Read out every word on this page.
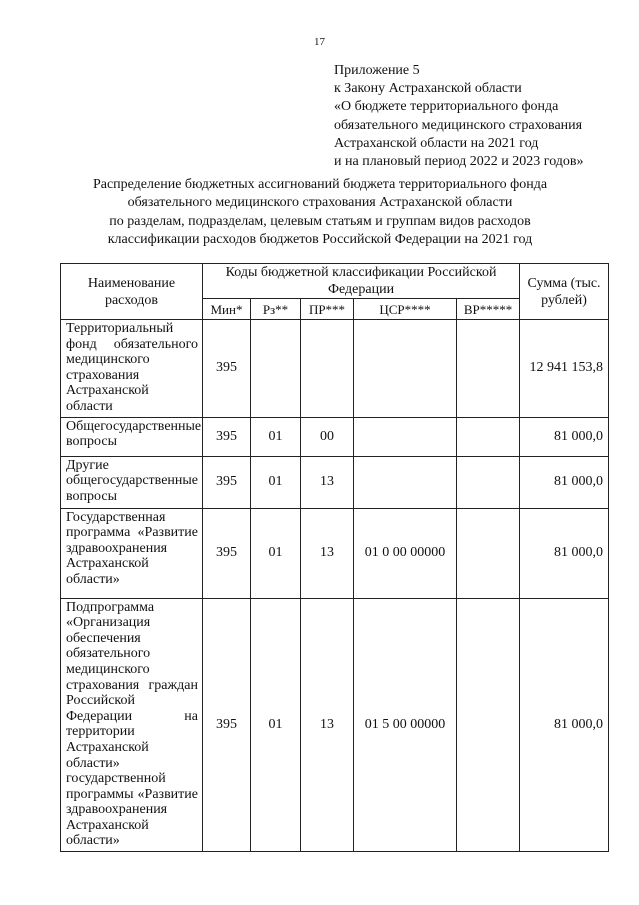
17
Приложение 5
к Закону Астраханской области
«О бюджете территориального фонда
обязательного медицинского страхования
Астраханской области на 2021 год
и на плановый период 2022 и 2023 годов»
Распределение бюджетных ассигнований бюджета территориального фонда
обязательного медицинского страхования Астраханской области
по разделам, подразделам, целевым статьям и группам видов расходов
классификации расходов бюджетов Российской Федерации на 2021 год
Наименование расходов	Коды бюджетной классификации Российской Федерации					Сумма (тыс. рублей)
	Мин*	Рз**	ПР***	ЦСР****	ВР*****	
Территориальный фонд обязательного медицинского страхования Астраханской области	395					12 941 153,8
Общегосударственные вопросы	395	01	00			81 000,0
Другие общегосударственные вопросы	395	01	13			81 000,0
Государственная программа «Развитие здравоохранения Астраханской области»	395	01	13	01 0 00 00000		81 000,0
Подпрограмма «Организация обеспечения обязательного медицинского страхования граждан Российской Федерации на территории Астраханской области» государственной программы «Развитие здравоохранения Астраханской области»	395	01	13	01 5 00 00000		81 000,0
